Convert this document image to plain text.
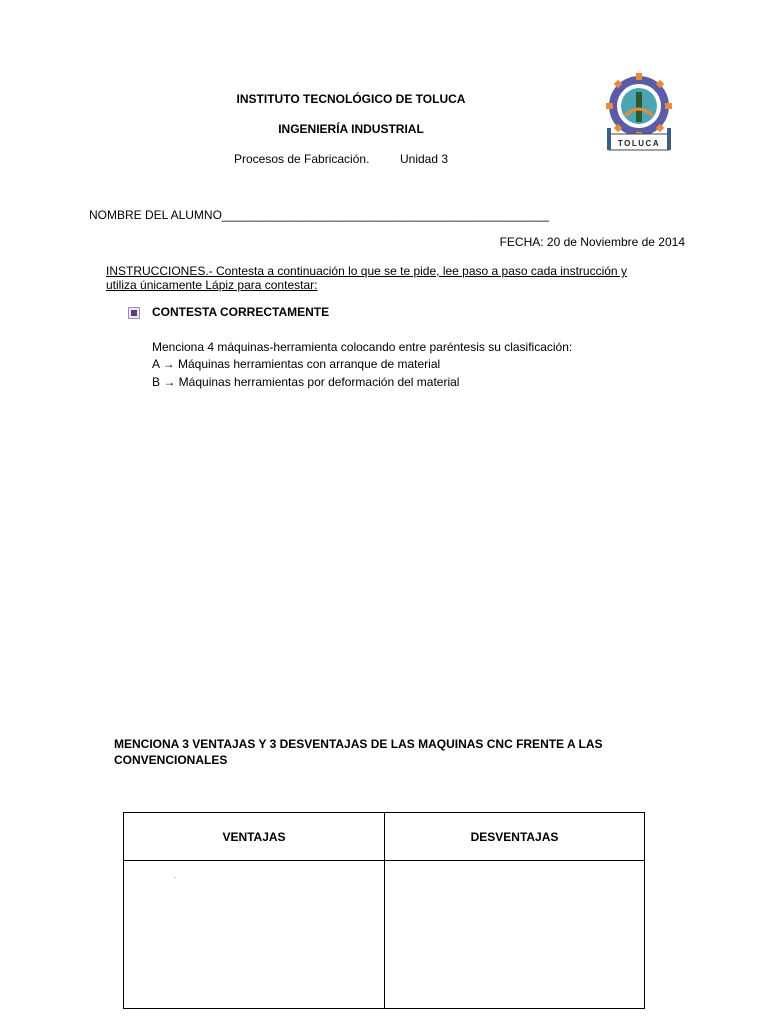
INSTITUTO TECNOLÓGICO DE TOLUCA
INGENIERÍA INDUSTRIAL
Procesos de Fabricación.	Unidad 3
TOLUCA
NOMBRE DEL ALUMNO_________________________________________________
FECHA: 20 de Noviembre de 2014
INSTRUCCIONES.- Contesta a continuación lo que se te pide, lee paso a paso cada instrucción y
utiliza únicamente Lápiz para contestar:
CONTESTA CORRECTAMENTE
Menciona 4 máquinas-herramienta colocando entre paréntesis su clasificación:
A → Máquinas herramientas con arranque de material
B → Máquinas herramientas por deformación del material
MENCIONA 3 VENTAJAS Y 3 DESVENTAJAS DE LAS MAQUINAS CNC FRENTE A LAS
CONVENCIONALES
VENTAJAS	DESVENTAJAS

.	
